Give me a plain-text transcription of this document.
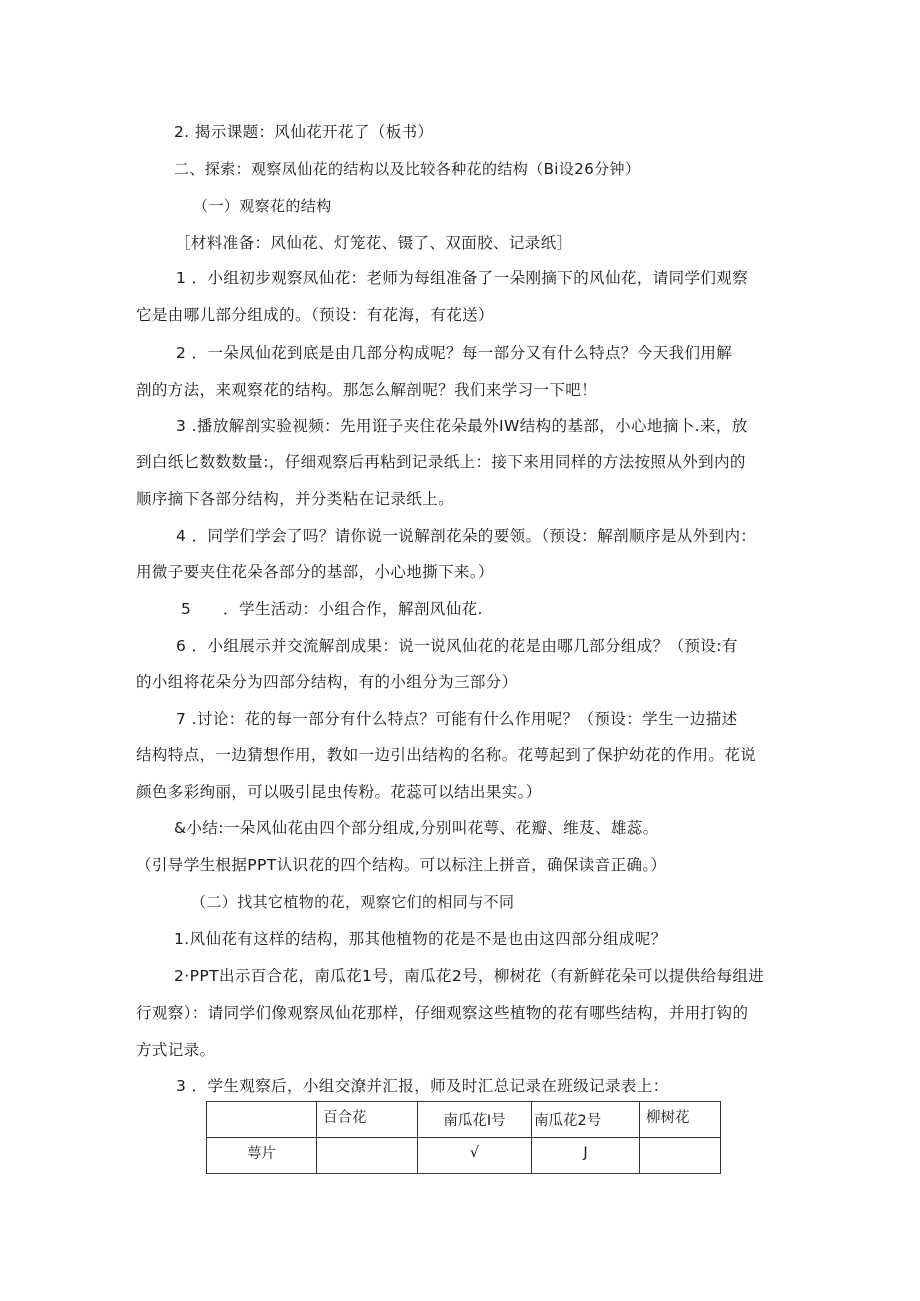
2. 揭示课题：风仙花开花了（板书）
二、探索：观察凤仙花的结构以及比较各种花的结构（Bi设26分钟）
（一）观察花的结构
［材料准备：风仙花、灯笼花、镊了、双面胶、记录纸］
1 ．小组初步观察凤仙花：老师为每组准备了一朵刚摘下的风仙花，请同学们观察
它是由哪儿部分组成的。（预设：有花海，有花送）
2 ．一朵凤仙花到底是由几部分构成呢？每一部分又有什么特点？今天我们用解
剖的方法，来观察花的结构。那怎么解剖呢？我们来学习一下吧！
3 .播放解剖实验视频：先用诳子夹住花朵最外IW结构的基部，小心地摘卜.来，放
到白纸匕数数数量:，仔细观察后再粘到记录纸上：接下来用同样的方法按照从外到内的
顺序摘下各部分结构，并分类粘在记录纸上。
4 ．同学们学会了吗？请你说一说解剖花朵的要领。（预设：解剖顺序是从外到内：
用微子要夹住花朵各部分的基部，小心地撕下来。）
5　　．学生活动：小组合作，解剖风仙花.
6 ．小组展示并交流解剖成果：说一说风仙花的花是由哪几部分组成？（预设:有
的小组将花朵分为四部分结构，有的小组分为三部分）
7 .讨论：花的每一部分有什么特点？可能有什么作用呢？（预设：学生一边描述
结构特点，一边猜想作用，教如一边引出结构的名称。花萼起到了保护幼花的作用。花说
颜色多彩绚丽，可以吸引昆虫传粉。花蕊可以结出果实。）
&小结:一朵风仙花由四个部分组成,分别叫花萼、花瓣、维芨、雄蕊。
（引导学生根据PPT认识花的四个结构。可以标注上拼音，确保读音正确。）
（二）找其它植物的花，观察它们的相同与不同
1.风仙花有这样的结构，那其他植物的花是不是也由这四部分组成呢？
2·PPT出示百合花，南瓜花1号，南瓜花2号，柳树花（有新鲜花朵可以提供给每组进
行观察）：请同学们像观察凤仙花那样，仔细观察这些植物的花有哪些结构，并用打钩的
方式记录。
3 ．学生观察后，小组交潦并汇报，师及时汇总记录在班级记录表上：
	百合花	南瓜花I号	南瓜花2号	柳树花
萼片		√	J	
